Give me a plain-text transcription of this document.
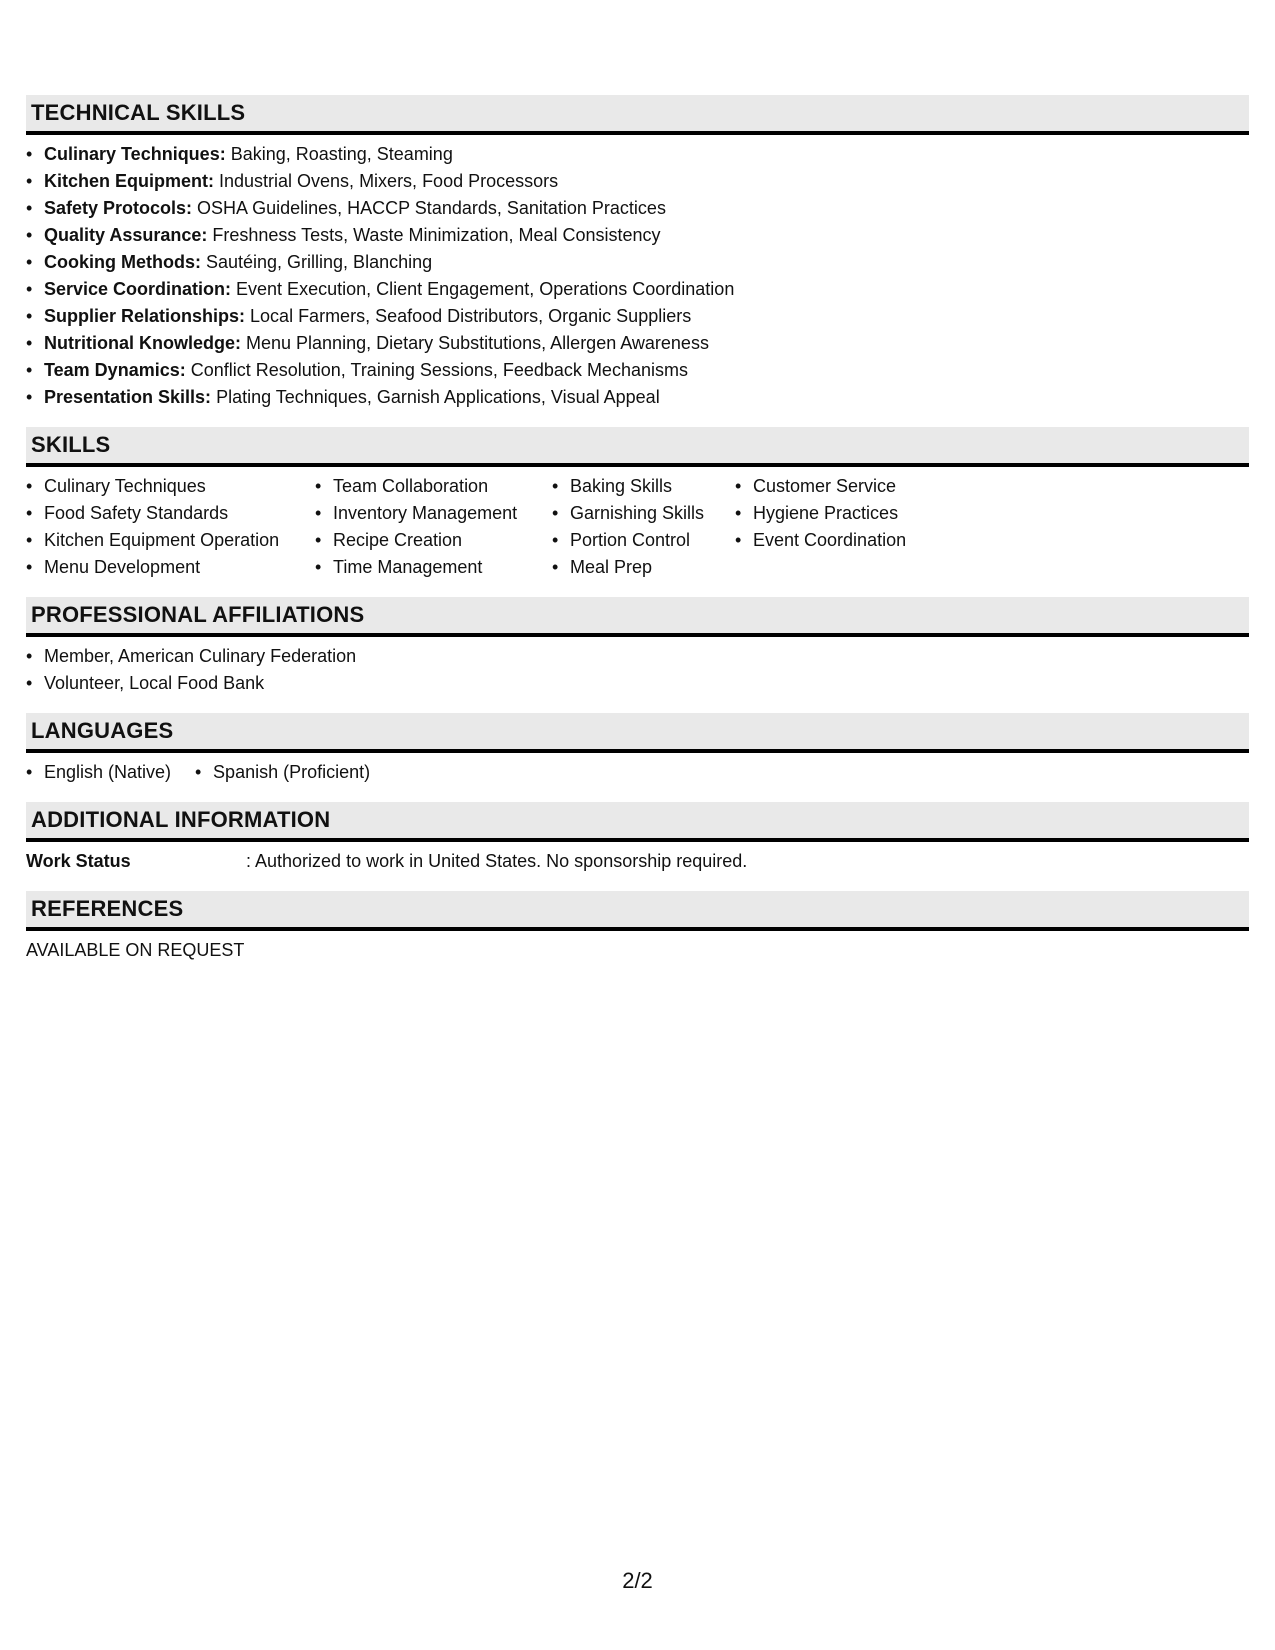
TECHNICAL SKILLS
• Culinary Techniques: Baking, Roasting, Steaming
• Kitchen Equipment: Industrial Ovens, Mixers, Food Processors
• Safety Protocols: OSHA Guidelines, HACCP Standards, Sanitation Practices
• Quality Assurance: Freshness Tests, Waste Minimization, Meal Consistency
• Cooking Methods: Sautéing, Grilling, Blanching
• Service Coordination: Event Execution, Client Engagement, Operations Coordination
• Supplier Relationships: Local Farmers, Seafood Distributors, Organic Suppliers
• Nutritional Knowledge: Menu Planning, Dietary Substitutions, Allergen Awareness
• Team Dynamics: Conflict Resolution, Training Sessions, Feedback Mechanisms
• Presentation Skills: Plating Techniques, Garnish Applications, Visual Appeal
SKILLS
• Culinary Techniques
• Food Safety Standards
• Kitchen Equipment Operation
• Menu Development
• Team Collaboration
• Inventory Management
• Recipe Creation
• Time Management
• Baking Skills
• Garnishing Skills
• Portion Control
• Meal Prep
• Customer Service
• Hygiene Practices
• Event Coordination
PROFESSIONAL AFFILIATIONS
• Member, American Culinary Federation
• Volunteer, Local Food Bank
LANGUAGES
• English (Native)
•	Spanish (Proficient)
ADDITIONAL INFORMATION
Work Status	: Authorized to work in United States. No sponsorship required.
REFERENCES
AVAILABLE ON REQUEST
2/2
